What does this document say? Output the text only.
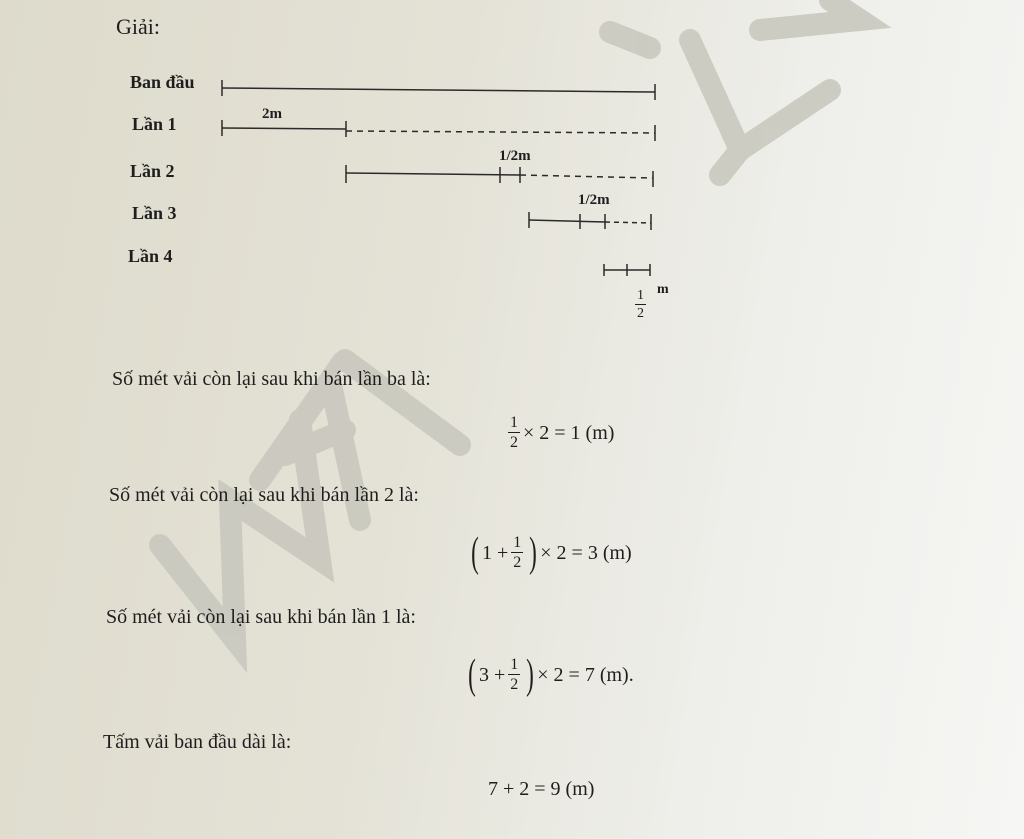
Giải:
Ban đầu
Lần 1
Lần 2
Lần 3
Lần 4
2m
1/2m
1/2m
$\frac{1}{2}$ m
Số mét vải còn lại sau khi bán lần ba là:
$\frac{1}{2} \times 2 = 1$ (m)
Số mét vải còn lại sau khi bán lần 2 là:
( $1 + \frac{1}{2}$ ) × 2 = 3 (m)
Số mét vải còn lại sau khi bán lần 1 là:
( $3 + \frac{1}{2}$ ) × 2 = 7 (m).
Tấm vải ban đầu dài là:
7 + 2 = 9 (m)
